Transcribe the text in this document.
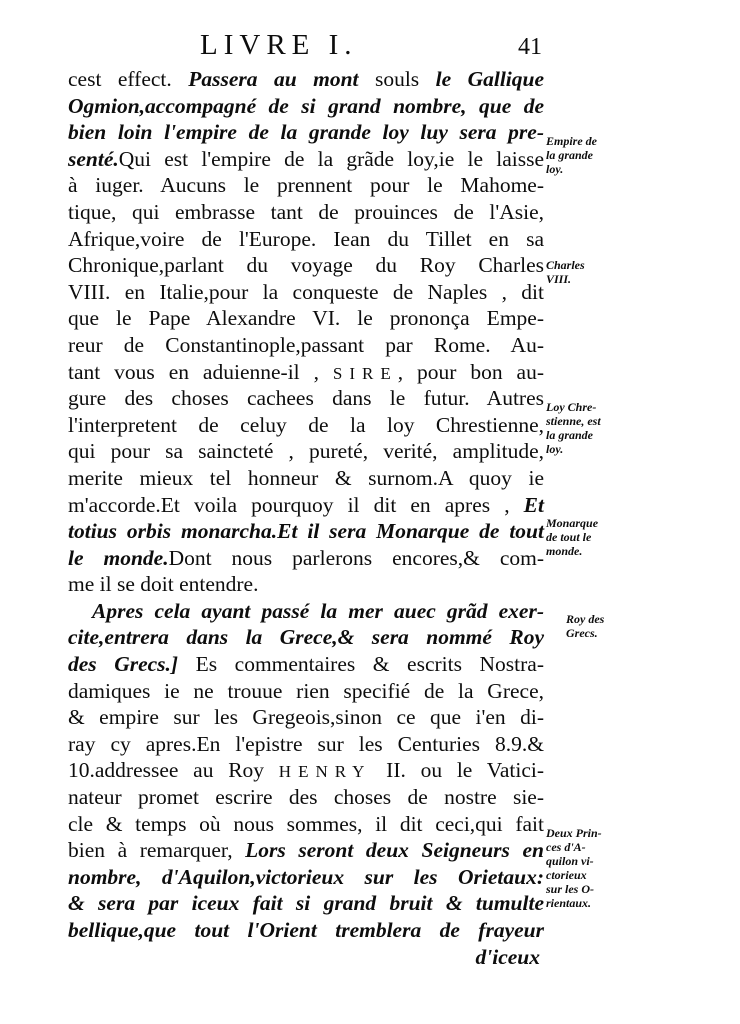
LIVRE I.	41
cest effect. Passera au mont souls le Gallique
Ogmion,accompagné de si grand nombre, que de
bien loin l'empire de la grande loy luy sera pre-
senté.Qui est l'empire de la grãde loy,ie le laisse
à iuger. Aucuns le prennent pour le Mahome-
tique, qui embrasse tant de prouinces de l'Asie,
Afrique,voire de l'Europe. Iean du Tillet en sa
Chronique,parlant du voyage du Roy Charles
VIII. en Italie,pour la conqueste de Naples , dit
que le Pape Alexandre VI. le prononça Empe-
reur de Constantinople,passant par Rome. Au-
tant vous en aduienne-il , SIRE, pour bon au-
gure des choses cachees dans le futur. Autres
l'interpretent de celuy de la loy Chrestienne,
qui pour sa saincteté , pureté, verité, amplitude,
merite mieux tel honneur & surnom.A quoy ie
m'accorde.Et voila pourquoy il dit en apres , Et
totius orbis monarcha.Et il sera Monarque de tout
le monde.Dont nous parlerons encores,& com-
me il se doit entendre.
Apres cela ayant passé la mer auec grãd exer-
cite,entrera dans la Grece,& sera nommé Roy
des Grecs.] Es commentaires & escrits Nostra-
damiques ie ne trouue rien specifié de la Grece,
& empire sur les Gregeois,sinon ce que i'en di-
ray cy apres.En l'epistre sur les Centuries 8.9.&
10.addressee au Roy HENRY II. ou le Vatici-
nateur promet escrire des choses de nostre sie-
cle & temps où nous sommes, il dit ceci,qui fait
bien à remarquer, Lors seront deux Seigneurs en
nombre, d'Aquilon,victorieux sur les Orietaux:
& sera par iceux fait si grand bruit & tumulte
bellique,que tout l'Orient tremblera de frayeur
d'iceux
Empire de
la grande
loy.
Charles
VIII.
Loy Chre-
stienne, est
la grande
loy.
Monarque
de tout le
monde.
Roy des
Grecs.
Deux Prin-
ces d'A-
quilon vi-
ctorieux
sur les O-
rientaux.
